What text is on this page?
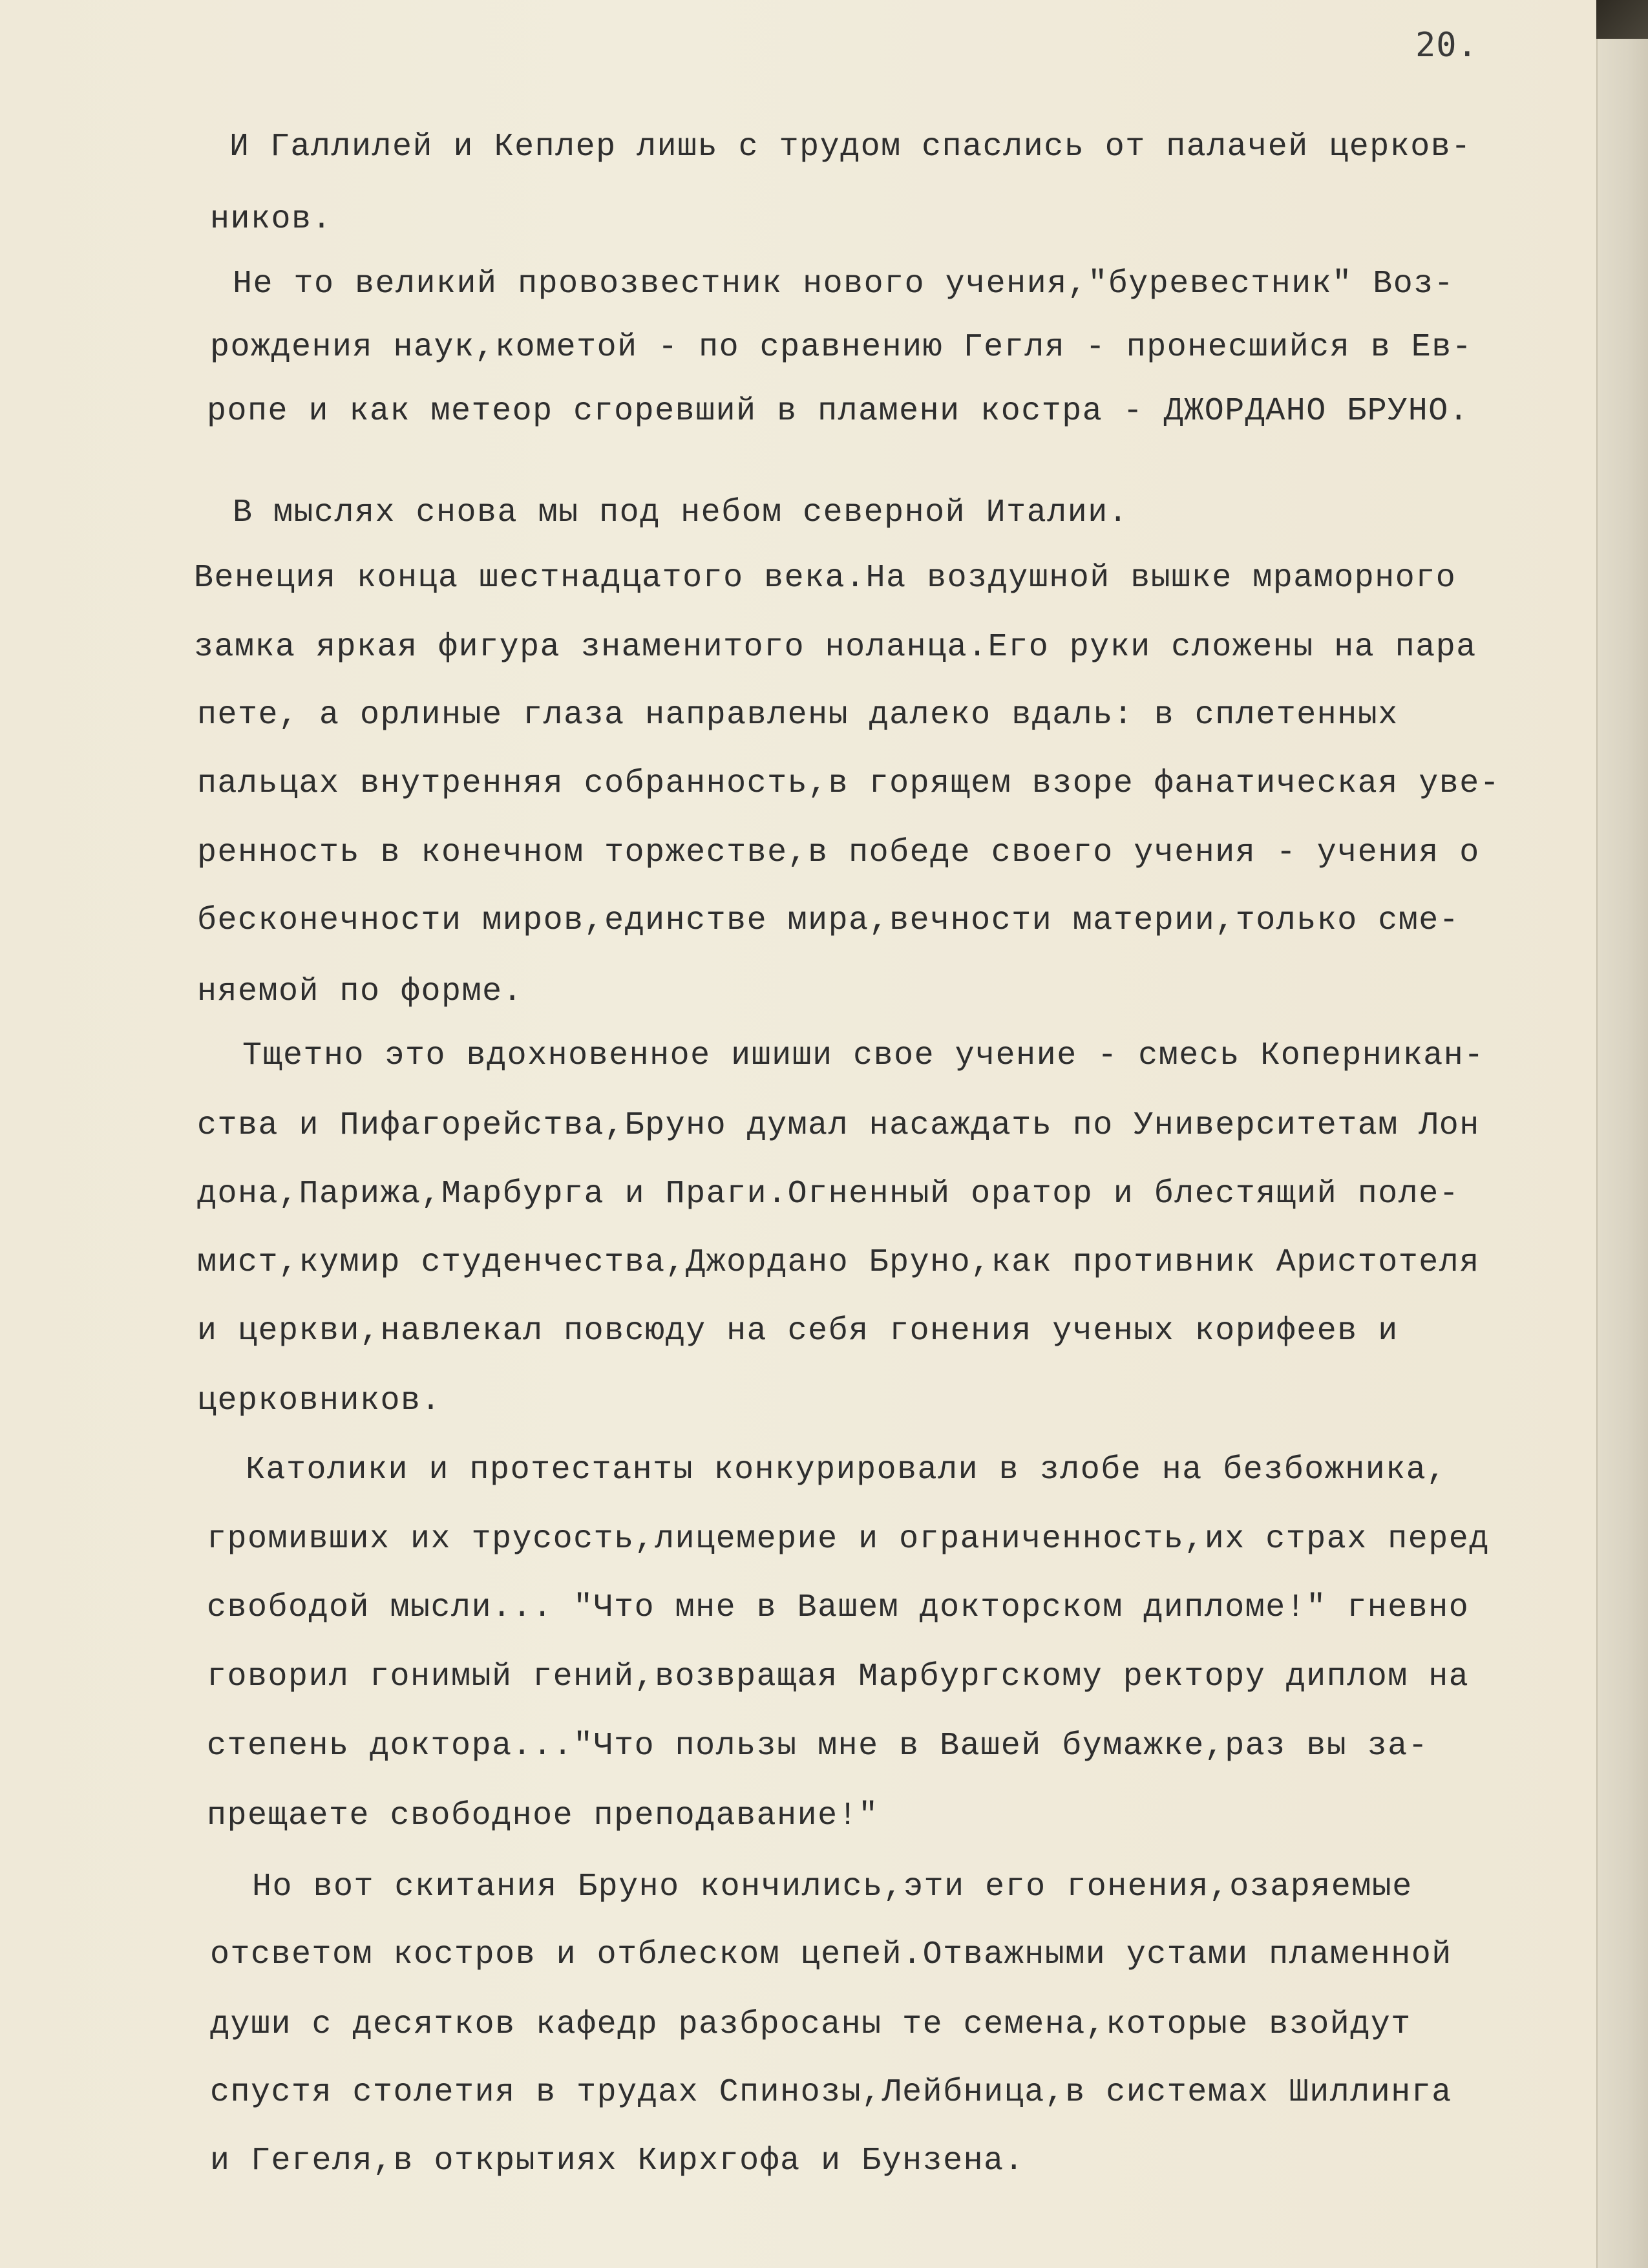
20.
И Галлилей и Кеплер лишь с трудом спаслись от палачей церков-
ников.
Не то великий провозвестник нового учения,"буревестник" Воз-
рождения наук,кометой - по сравнению Гегля - пронесшийся в Ев-
ропе и как метеор сгоревший в пламени костра - ДЖОРДАНО БРУНО.
В мыслях снова мы под небом северной Италии.
Венеция конца шестнадцатого века.На воздушной вышке мраморного
замка яркая фигура знаменитого ноланца.Его руки сложены на пара
пете, а орлиные глаза направлены далеко вдаль: в сплетенных
пальцах внутренняя собранность,в горящем взоре фанатическая уве-
ренность в конечном торжестве,в победе своего учения - учения о
бесконечности миров,единстве мира,вечности материи,только сме-
няемой по форме.
Тщетно это вдохновенное ишиши свое учение - смесь Коперникан-
ства и Пифагорейства,Бруно думал насаждать по Университетам Лон
дона,Парижа,Марбурга и Праги.Огненный оратор и блестящий поле-
мист,кумир студенчества,Джордано Бруно,как противник Аристотеля
и церкви,навлекал повсюду на себя гонения ученых корифеев и
церковников.
Католики и протестанты конкурировали в злобе на безбожника,
громивших их трусость,лицемерие и ограниченность,их страх перед
свободой мысли... "Что мне в Вашем докторском дипломе!" гневно
говорил гонимый гений,возвращая Марбургскому ректору диплом на
степень доктора..."Что пользы мне в Вашей бумажке,раз вы за-
прещаете свободное преподавание!"
Но вот скитания Бруно кончились,эти его гонения,озаряемые
отсветом костров и отблеском цепей.Отважными устами пламенной
души с десятков кафедр разбросаны те семена,которые взойдут
спустя столетия в трудах Спинозы,Лейбница,в системах Шиллинга
и Гегеля,в открытиях Кирхгофа и Бунзена.
